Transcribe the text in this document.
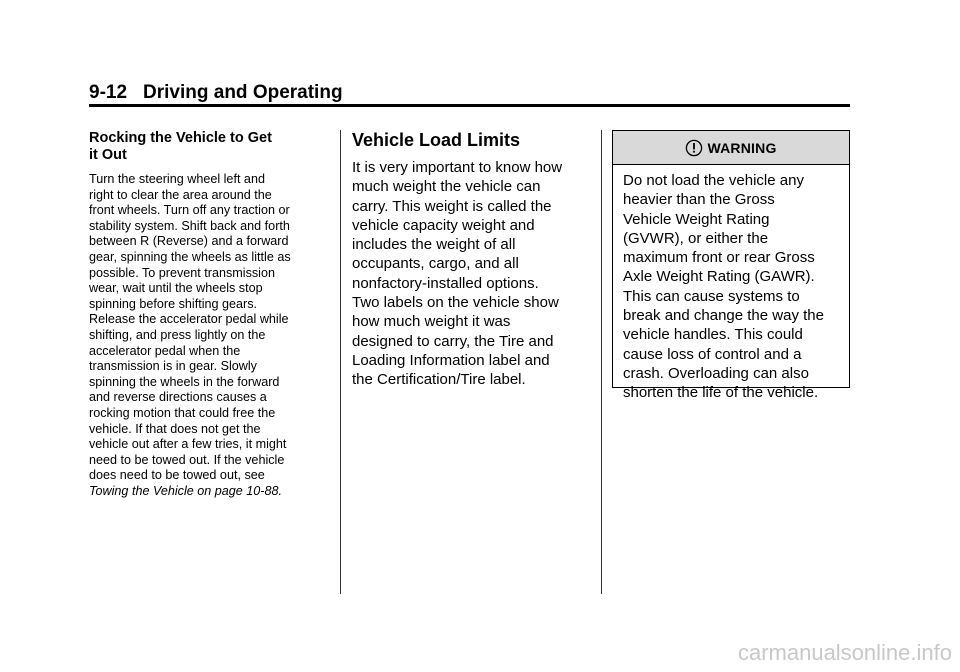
9-12 Driving and Operating
Rocking the Vehicle to Get
it Out
Turn the steering wheel left and
right to clear the area around the
front wheels. Turn off any traction or
stability system. Shift back and forth
between R (Reverse) and a forward
gear, spinning the wheels as little as
possible. To prevent transmission
wear, wait until the wheels stop
spinning before shifting gears.
Release the accelerator pedal while
shifting, and press lightly on the
accelerator pedal when the
transmission is in gear. Slowly
spinning the wheels in the forward
and reverse directions causes a
rocking motion that could free the
vehicle. If that does not get the
vehicle out after a few tries, it might
need to be towed out. If the vehicle
does need to be towed out, see
Towing the Vehicle on page 10-88.
Vehicle Load Limits
It is very important to know how
much weight the vehicle can
carry. This weight is called the
vehicle capacity weight and
includes the weight of all
occupants, cargo, and all
nonfactory-installed options.
Two labels on the vehicle show
how much weight it was
designed to carry, the Tire and
Loading Information label and
the Certification/Tire label.
WARNING
Do not load the vehicle any
heavier than the Gross
Vehicle Weight Rating
(GVWR), or either the
maximum front or rear Gross
Axle Weight Rating (GAWR).
This can cause systems to
break and change the way the
vehicle handles. This could
cause loss of control and a
crash. Overloading can also
shorten the life of the vehicle.
carmanualsonline.info
